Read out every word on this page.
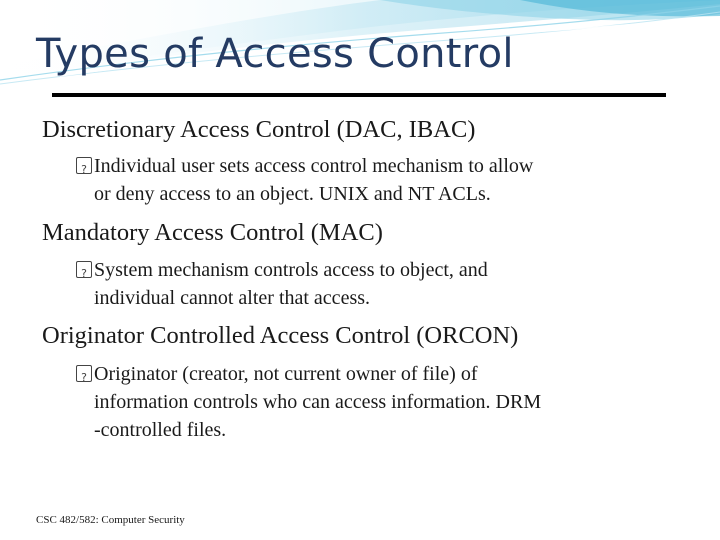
Types of Access Control
Discretionary Access Control (DAC, IBAC)
?Individual user sets access control mechanism to allow
or deny access to an object. UNIX and NT ACLs.
Mandatory Access Control (MAC)
?System mechanism controls access to object, and
individual cannot alter that access.
Originator Controlled Access Control (ORCON)
?Originator (creator, not current owner of file) of
information controls who can access information. DRM
-controlled files.
CSC 482/582: Computer Security
